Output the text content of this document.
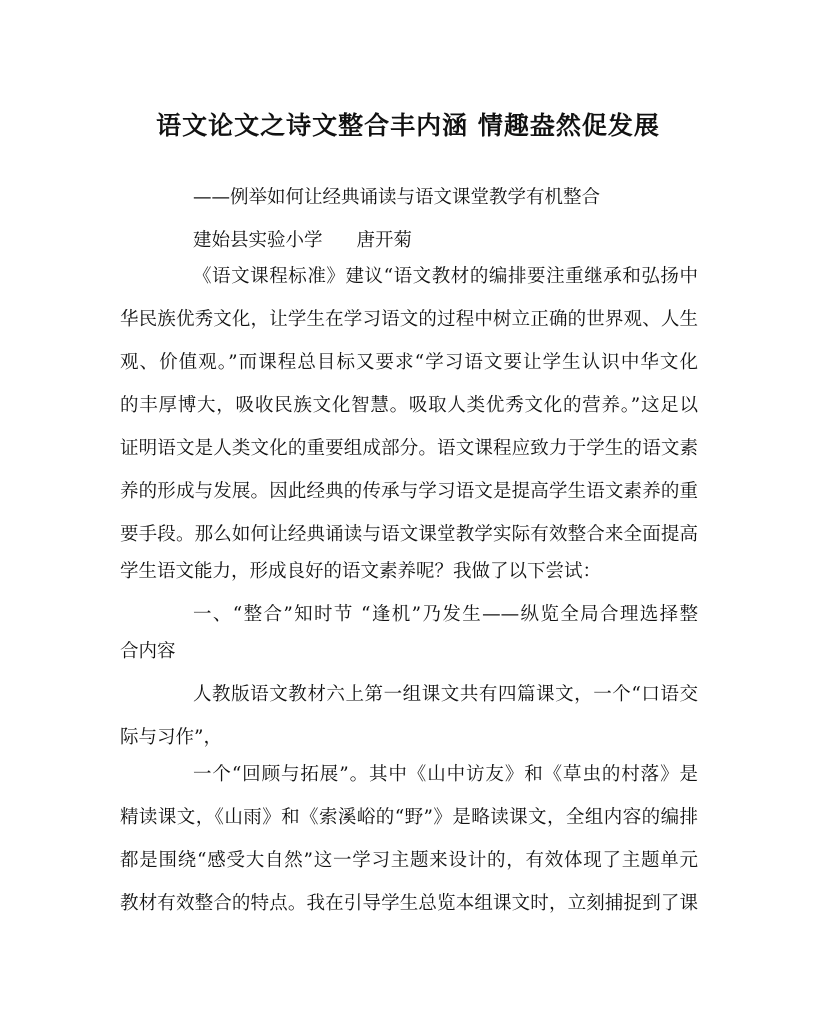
语文论文之诗文整合丰内涵 情趣盎然促发展
——例举如何让经典诵读与语文课堂教学有机整合
建始县实验小学 唐开菊
《语文课程标准》建议“语文教材的编排要注重继承和弘扬中
华民族优秀文化，让学生在学习语文的过程中树立正确的世界观、人生
观、价值观。”而课程总目标又要求“学习语文要让学生认识中华文化
的丰厚博大，吸收民族文化智慧。吸取人类优秀文化的营养。”这足以
证明语文是人类文化的重要组成部分。语文课程应致力于学生的语文素
养的形成与发展。因此经典的传承与学习语文是提高学生语文素养的重
要手段。那么如何让经典诵读与语文课堂教学实际有效整合来全面提高
学生语文能力，形成良好的语文素养呢？我做了以下尝试：
一、“整合”知时节 “逢机”乃发生——纵览全局合理选择整
合内容
人教版语文教材六上第一组课文共有四篇课文，一个“口语交
际与习作”，
一个“回顾与拓展”。其中《山中访友》和《草虫的村落》是
精读课文，《山雨》和《索溪峪的“野”》是略读课文，全组内容的编排
都是围绕“感受大自然”这一学习主题来设计的，有效体现了主题单元
教材有效整合的特点。我在引导学生总览本组课文时，立刻捕捉到了课
